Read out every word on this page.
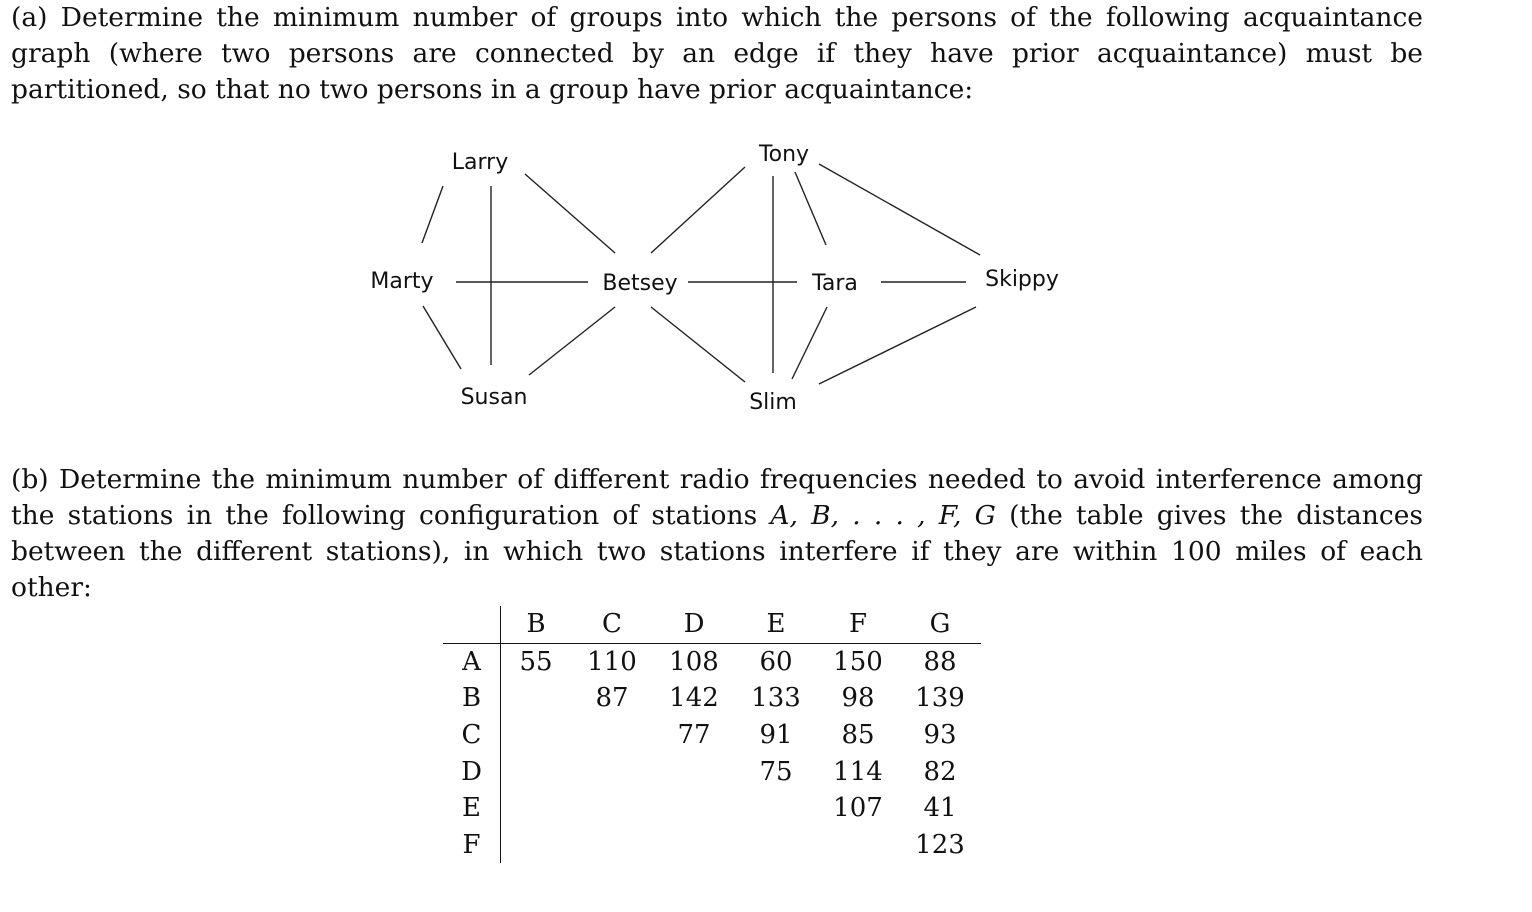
(a) Determine the minimum number of groups into which the persons of the following acquaintance graph (where two persons are connected by an edge if they have prior acquaintance) must be partitioned, so that no two persons in a group have prior acquaintance:

Larry	Tony
Marty	Betsey	Tara	Skippy
Susan	Slim

(b) Determine the minimum number of different radio frequencies needed to avoid interference among the stations in the following configuration of stations A, B, . . . , F, G (the table gives the distances between the different stations), in which two stations interfere if they are within 100 miles of each other:

	B	C	D	E	F	G
A	55	110	108	60	150	88
B		87	142	133	98	139
C			77	91	85	93
D				75	114	82
E					107	41
F						123
